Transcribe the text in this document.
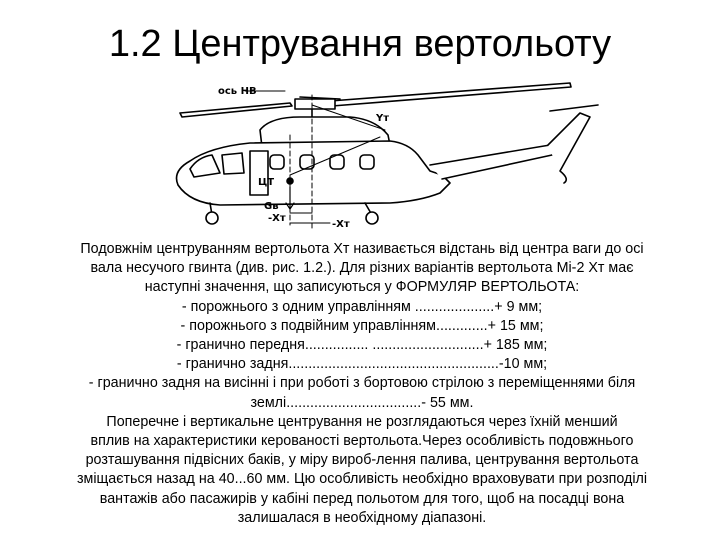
1.2 Центрування вертольоту
ось НВ
Yт
ЦТ
Gв
-Хт
-Хт
Подовжнім центруванням вертольота Хт називається відстань від центра ваги до осі
вала несучого гвинта (див. рис. 1.2.). Для різних варіантів вертольота Мі-2 Хт має
наступні значення, що записуються у ФОРМУЛЯР ВЕРТОЛЬОТА:
- порожнього з одним управлінням ....................+ 9 мм;
- порожнього з подвійним управлінням.............+ 15 мм;
- гранично передня................ ............................+ 185 мм;
- гранично задня.....................................................-10 мм;
- гранично задня на висінні і при роботі з бортовою стрілою з переміщеннями біля
землі..................................- 55 мм.
Поперечне і вертикальне центрування не розглядаються через їхній менший
вплив на характеристики керованості вертольота.Через особливість подовжнього
розташування підвісних баків, у міру вироб-лення палива, центрування вертольота
зміщається назад на 40...60 мм. Цю особливість необхідно враховувати при розподілі
вантажів або пасажирів у кабіні перед польотом для того, щоб на посадці вона
залишалася в необхідному діапазоні.
